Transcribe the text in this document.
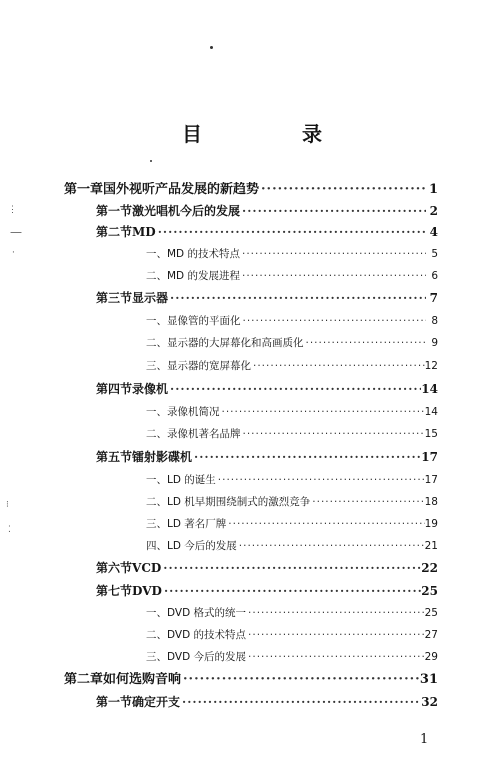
⋮
—
·
⁝
⁚
目　录
第一章 国外视听产品发展的新趋势 ·····	1
第一节 激光唱机今后的发展 ·····	2
第二节 MD ·····	4
一、MD 的技术特点 ·····	5
二、MD 的发展进程 ·····	6
第三节 显示器 ·····	7
一、显像管的平面化 ·····	8
二、显示器的大屏幕化和高画质化 ·····	9
三、显示器的宽屏幕化 ·····	12
第四节 录像机 ·····	14
一、录像机简况 ·····	14
二、录像机著名品牌 ·····	15
第五节 镭射影碟机 ·····	17
一、LD 的诞生 ·····	17
二、LD 机早期围绕制式的激烈竞争 ·····	18
三、LD 著名厂牌 ·····	19
四、LD 今后的发展 ·····	21
第六节 VCD ·····	22
第七节 DVD ·····	25
一、DVD 格式的统一 ·····	25
二、DVD 的技术特点 ·····	27
三、DVD 今后的发展 ·····	29
第二章 如何选购音响 ·····	31
第一节 确定开支 ·····	32
1
